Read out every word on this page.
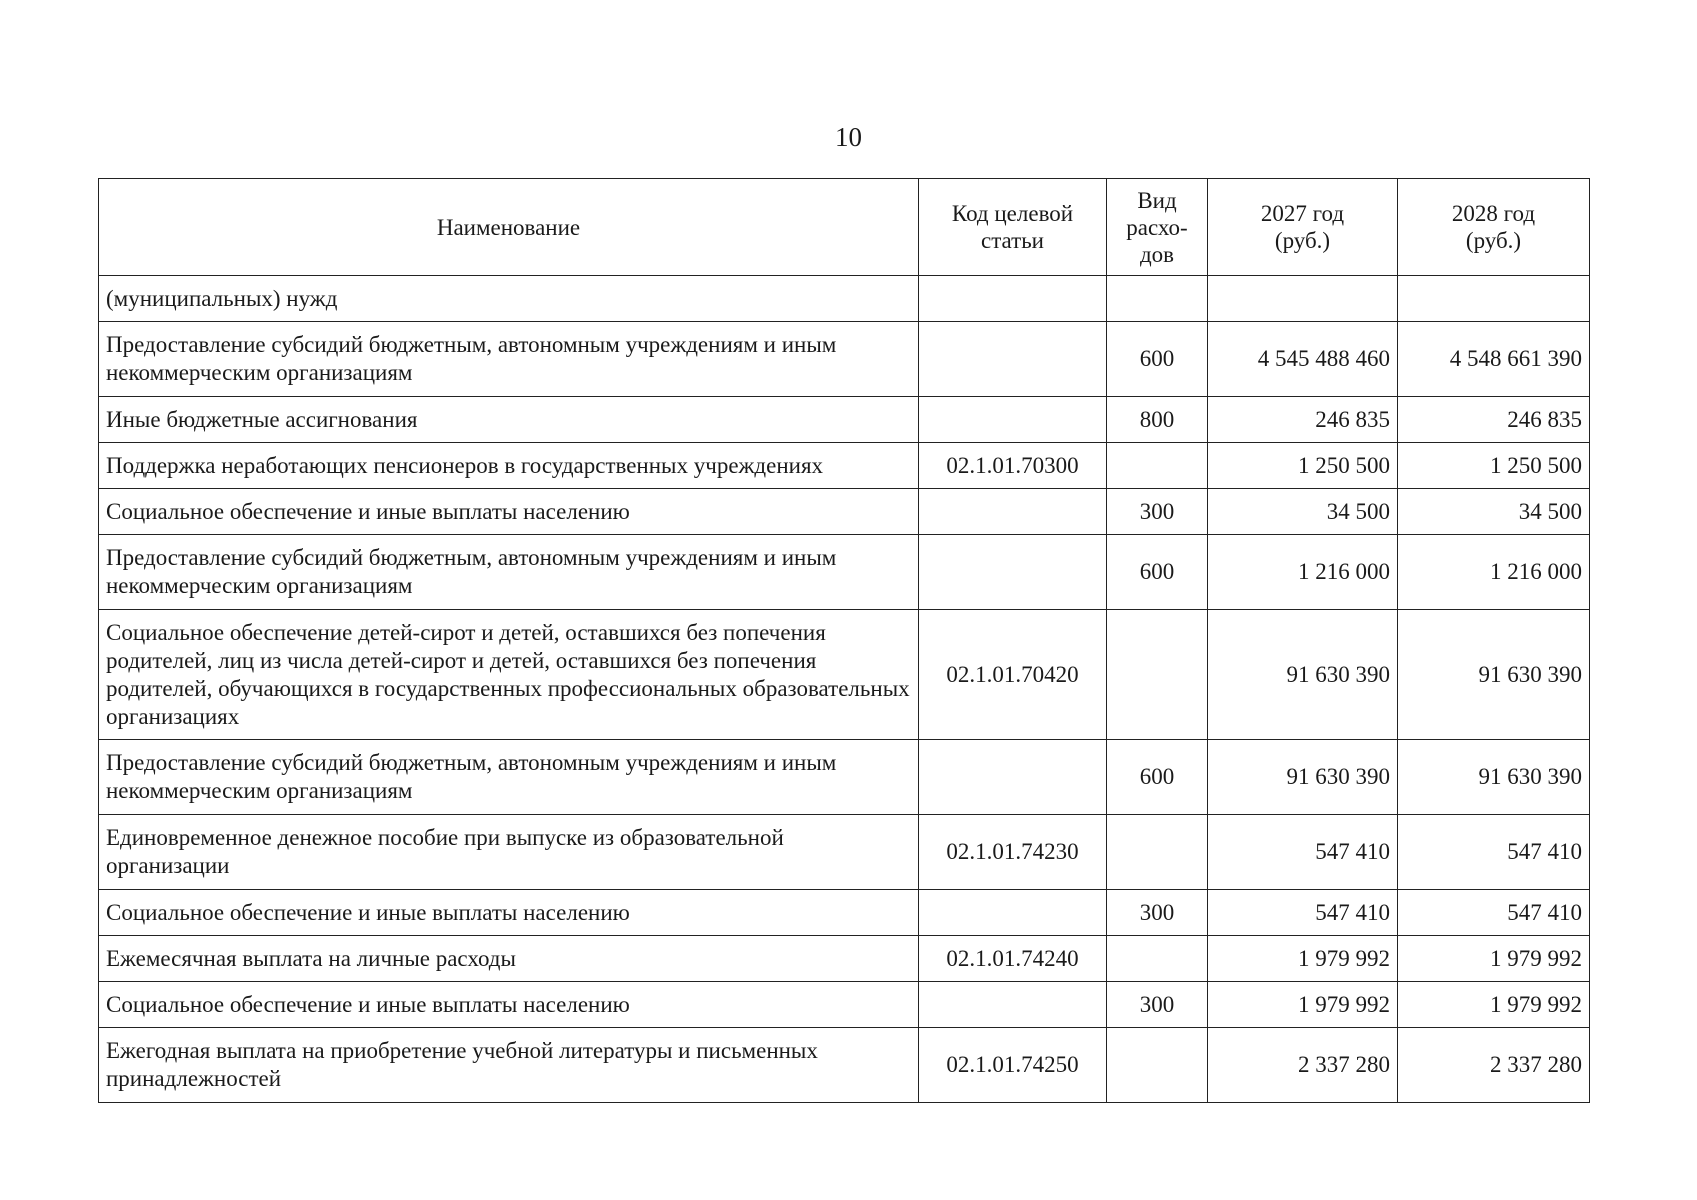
10
Наименование	Код целевой статьи	Вид расхо-дов	2027 год (руб.)	2028 год (руб.)
(муниципальных) нужд				
Предоставление субсидий бюджетным, автономным учреждениям и иным некоммерческим организациям		600	4 545 488 460	4 548 661 390
Иные бюджетные ассигнования		800	246 835	246 835
Поддержка неработающих пенсионеров в государственных учреждениях	02.1.01.70300		1 250 500	1 250 500
Социальное обеспечение и иные выплаты населению		300	34 500	34 500
Предоставление субсидий бюджетным, автономным учреждениям и иным некоммерческим организациям		600	1 216 000	1 216 000
Социальное обеспечение детей-сирот и детей, оставшихся без попечения родителей, лиц из числа детей-сирот и детей, оставшихся без попечения родителей, обучающихся в государственных профессиональных образовательных организациях	02.1.01.70420		91 630 390	91 630 390
Предоставление субсидий бюджетным, автономным учреждениям и иным некоммерческим организациям		600	91 630 390	91 630 390
Единовременное денежное пособие при выпуске из образовательной организации	02.1.01.74230		547 410	547 410
Социальное обеспечение и иные выплаты населению		300	547 410	547 410
Ежемесячная выплата на личные расходы	02.1.01.74240		1 979 992	1 979 992
Социальное обеспечение и иные выплаты населению		300	1 979 992	1 979 992
Ежегодная выплата на приобретение учебной литературы и письменных принадлежностей	02.1.01.74250		2 337 280	2 337 280
